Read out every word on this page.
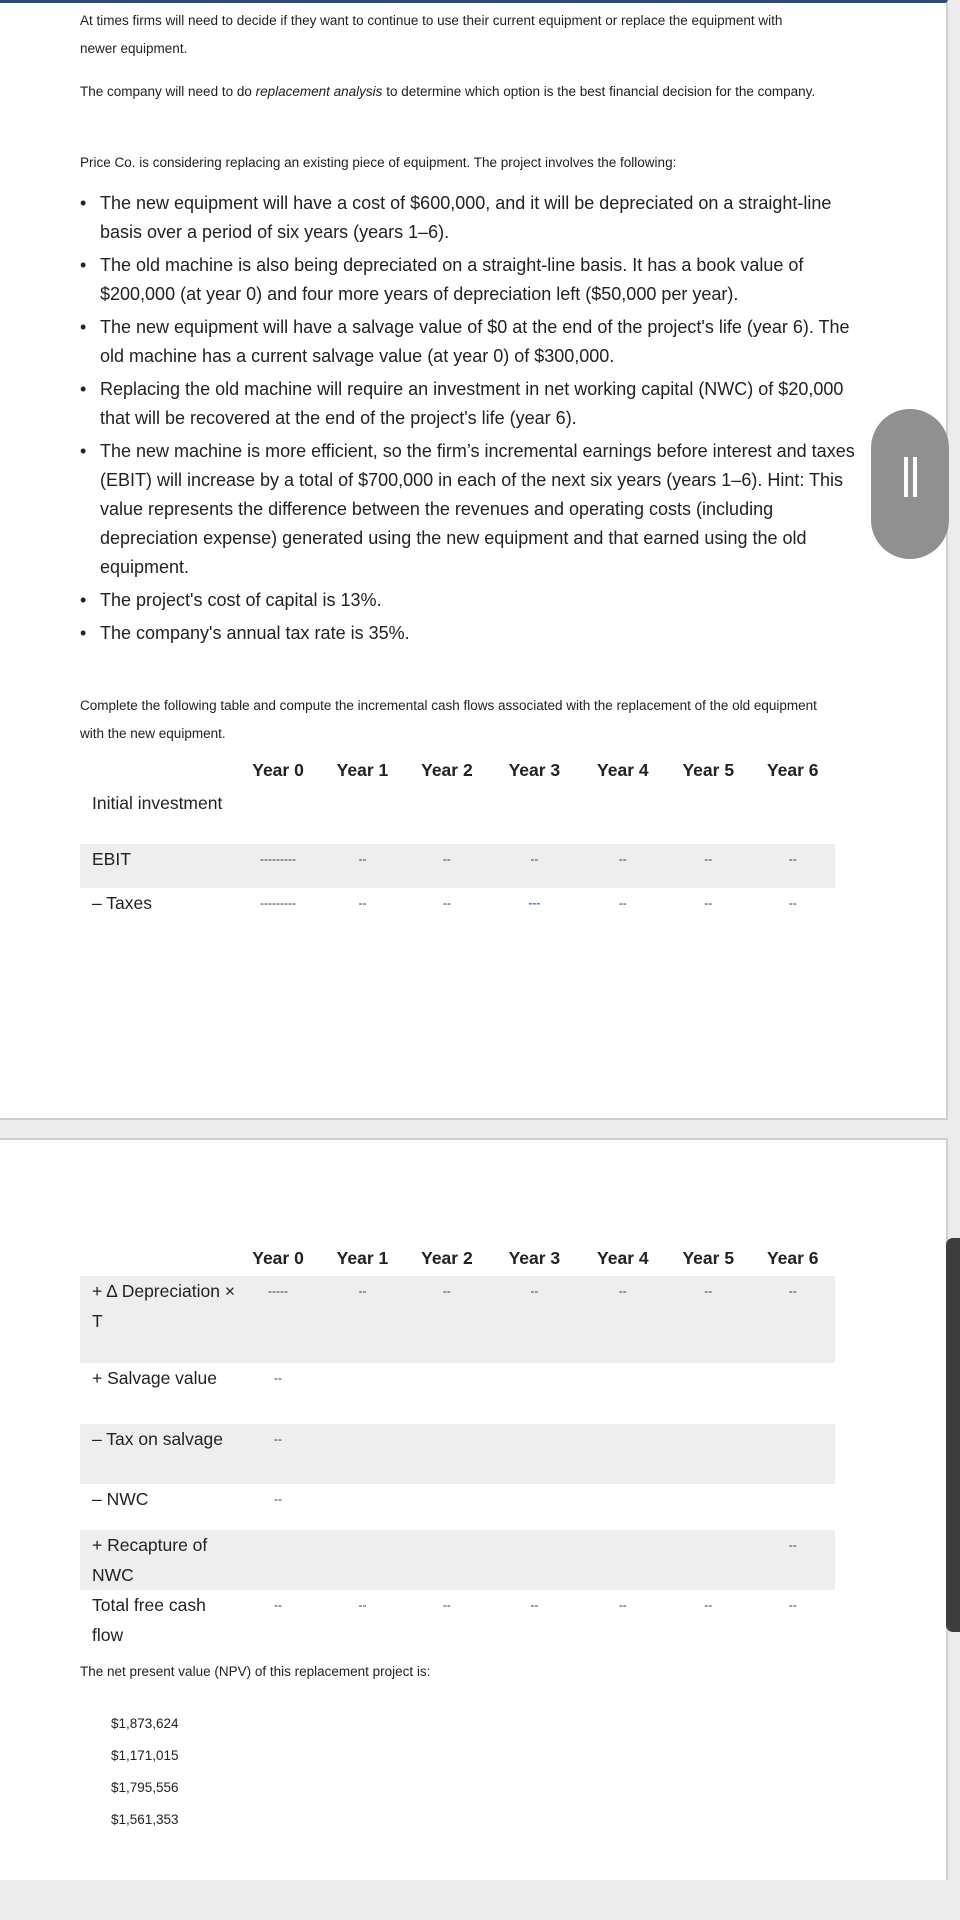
At times firms will need to decide if they want to continue to use their current equipment or replace the equipment with newer equipment.

The company will need to do replacement analysis to determine which option is the best financial decision for the company.

Price Co. is considering replacing an existing piece of equipment. The project involves the following:

• The new equipment will have a cost of $600,000, and it will be depreciated on a straight-line basis over a period of six years (years 1–6).
• The old machine is also being depreciated on a straight-line basis. It has a book value of $200,000 (at year 0) and four more years of depreciation left ($50,000 per year).
• The new equipment will have a salvage value of $0 at the end of the project's life (year 6). The old machine has a current salvage value (at year 0) of $300,000.
• Replacing the old machine will require an investment in net working capital (NWC) of $20,000 that will be recovered at the end of the project's life (year 6).
• The new machine is more efficient, so the firm’s incremental earnings before interest and taxes (EBIT) will increase by a total of $700,000 in each of the next six years (years 1–6). Hint: This value represents the difference between the revenues and operating costs (including depreciation expense) generated using the new equipment and that earned using the old equipment.
• The project's cost of capital is 13%.
• The company's annual tax rate is 35%.

Complete the following table and compute the incremental cash flows associated with the replacement of the old equipment with the new equipment.

	Year 0	Year 1	Year 2	Year 3	Year 4	Year 5	Year 6
Initial investment							
EBIT	---------	--	--	--	--	--	--
– Taxes	---------	--	--	---	--	--	--
	Year 0	Year 1	Year 2	Year 3	Year 4	Year 5	Year 6
+ Δ Depreciation × T	-----	--	--	--	--	--	--
+ Salvage value	--						
– Tax on salvage	--						
– NWC	--						
+ Recapture of NWC							--
Total free cash flow	--	--	--	--	--	--	--

The net present value (NPV) of this replacement project is:

$1,873,624

$1,171,015

$1,795,556

$1,561,353
